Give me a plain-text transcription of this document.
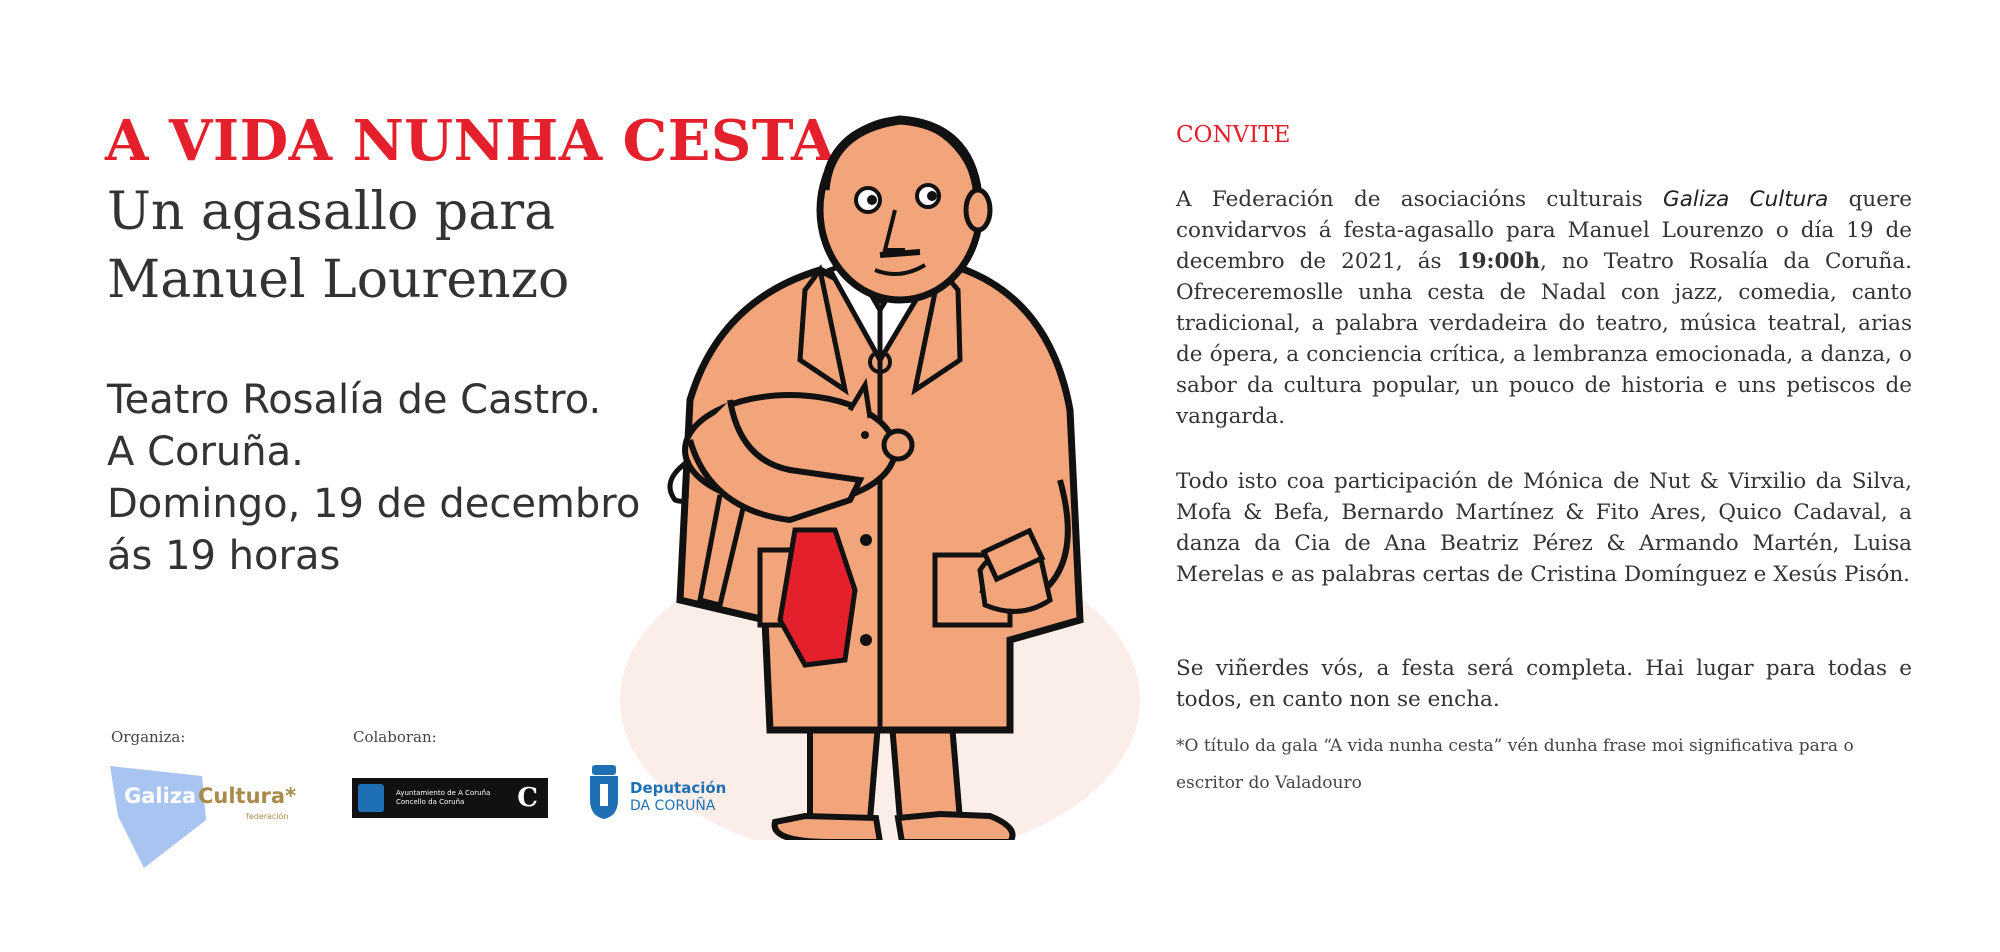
A VIDA NUNHA CESTA
Un agasallo para
Manuel Lourenzo
Teatro Rosalía de Castro.
A Coruña.
Domingo, 19 de decembro
ás 19 horas
Organiza:	Colaboran:
Galiza Cultura*
federación
Ayuntamiento de A Coruña
Concello da Coruña	C	Deputación
DA CORUÑA
CONVITE
A Federación de asociacións culturais Galiza Cultura quere convidarvos á festa-agasallo para Manuel Lourenzo o día 19 de decembro de 2021, ás 19:00h, no Teatro Rosalía da Coruña. Ofreceremoslle unha cesta de Nadal con jazz, comedia, canto tradicional, a palabra verdadeira do teatro, música teatral, arias de ópera, a conciencia crítica, a lembranza emocionada, a danza, o sabor da cultura popular, un pouco de historia e uns petiscos de vangarda.
Todo isto coa participación de Mónica de Nut & Virxilio da Silva, Mofa & Befa, Bernardo Martínez & Fito Ares, Quico Cadaval, a danza da Cia de Ana Beatriz Pérez & Armando Martén, Luisa Merelas e as palabras certas de Cristina Domínguez e Xesús Pisón.
Se viñerdes vós, a festa será completa. Hai lugar para todas e todos, en canto non se encha.
*O título da gala “A vida nunha cesta” vén dunha frase moi significativa para o escritor do Valadouro
